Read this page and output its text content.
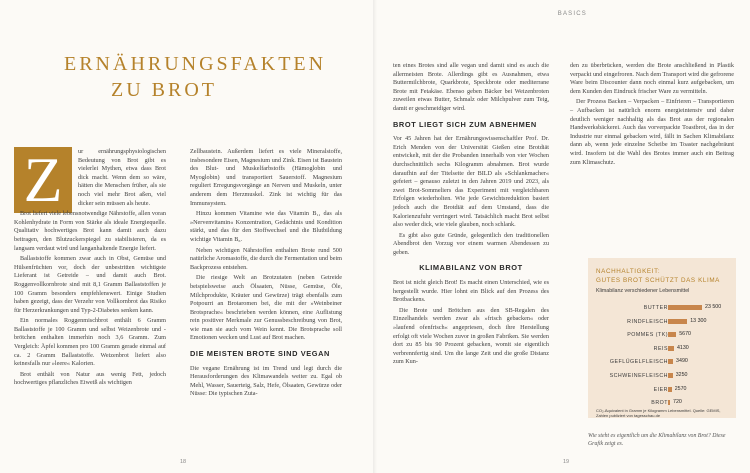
BASICS
ERNÄHRUNGSFAKTEN
ZU BROT
Z	ur ernährungsphysiologischen Bedeutung von Brot gibt es vielerlei Mythen, etwa dass Brot dick macht. Wenn dem so wäre, hätten die Menschen früher, als sie noch viel mehr Brot aßen, viel dicker sein müssen als heute.

Brot liefert viele lebensnotwendige Nährstoffe, allen voran Kohlenhydrate in Form von Stärke als ideale Energiequelle. Qualitativ hochwertiges Brot kann damit auch dazu beitragen, den Blutzuckerspiegel zu stabilisieren, da es langsam verdaut wird und langanhaltende Energie liefert.

Ballaststoffe kommen zwar auch in Obst, Gemüse und Hülsenfrüchten vor, doch der unbestritten wichtigste Lieferant ist Getreide – und damit auch Brot. Roggenvollkornbrote sind mit 8,1 Gramm Ballaststoffen je 100 Gramm besonders empfehlenswert. Einige Studien haben gezeigt, dass der Verzehr von Vollkornbrot das Risiko für Herzerkrankungen und Typ-2-Diabetes senken kann.

Ein normales Roggenmischbrot enthält 6 Gramm Ballaststoffe je 100 Gramm und selbst Weizenbrote und -brötchen enthalten immerhin noch 3,6 Gramm. Zum Vergleich: Äpfel kommen pro 100 Gramm gerade einmal auf ca. 2 Gramm Ballaststoffe. Weizenbrot liefert also keinesfalls nur »leere« Kalorien.

Brot enthält von Natur aus wenig Fett, jedoch hochwertiges pflanzliches Eiweiß als wichtigen

Zellbaustein. Außerdem liefert es viele Mineralstoffe, insbesondere Eisen, Magnesium und Zink. Eisen ist Baustein des Blut- und Muskelfarbstoffs (Hämoglobin und Myoglobin) und transportiert Sauerstoff. Magnesium reguliert Erregungsvorgänge an Nerven und Muskeln, unter anderem dem Herzmuskel. Zink ist wichtig für das Immunsystem.

Hinzu kommen Vitamine wie das Vitamin B₁, das als »Nervenvitamin« Konzentration, Gedächtnis und Kondition stärkt, und das für den Stoffwechsel und die Blutbildung wichtige Vitamin B₆.

Neben wichtigen Nährstoffen enthalten Brote rund 500 natürliche Aromastoffe, die durch die Fermentation und beim Backprozess entstehen.

Die riesige Welt an Brotzutaten (neben Getreide beispielsweise auch Ölsaaten, Nüsse, Gemüse, Öle, Milchprodukte, Kräuter und Gewürze) trägt ebenfalls zum Potpourri an Brotaromen bei, die mit der »Weinbeiner Brotsprache« beschrieben werden können, eine Auflistung rein positiver Merkmale zur Genussbeschreibung von Brot, wie man sie auch vom Wein kennt. Die Brotsprache soll Emotionen wecken und Lust auf Brot machen.

DIE MEISTEN BROTE SIND VEGAN

Die vegane Ernährung ist im Trend und legt durch die Herausforderungen des Klimawandels weiter zu. Egal ob Mehl, Wasser, Sauerteig, Salz, Hefe, Ölsaaten, Gewürze oder Nüsse: Die typischen Zuta-

ten eines Brotes sind alle vegan und damit sind es auch die allermeisten Brote. Allerdings gibt es Ausnahmen, etwa Buttermilchbrote, Quarkbrote, Speckbrote oder mediterrane Brote mit Fetakäse. Ebenso geben Bäcker bei Weizenbroten zuweilen etwas Butter, Schmalz oder Milchpulver zum Teig, damit er geschmeidiger wird.

BROT LIEGT SICH ZUM ABNEHMEN

Vor 45 Jahren hat der Ernährungswissenschaftler Prof. Dr. Erich Menden von der Universität Gießen eine Brotdiät entwickelt, mit der die Probanden innerhalb von vier Wochen durchschnittlich sechs Kilogramm abnahmen. Brot wurde daraufhin auf der Titelseite der BILD als »Schlankmacher« gefeiert – genauso zuletzt in den Jahren 2019 und 2023, als zwei Brot-Sommeliers das Experiment mit vergleichbaren Erfolgen wiederholten. Wie jede Gewichtsreduktion basiert jedoch auch die Brotdiät auf dem Umstand, dass die Kalorienzufuhr verringert wird. Tatsächlich macht Brot selbst also weder dick, wie viele glauben, noch schlank.

Es gibt also gute Gründe, gelegentlich den traditionellen Abendbrot den Vorzug vor einem warmen Abendessen zu geben.

KLIMABILANZ VON BROT

Brot ist nicht gleich Brot! Es macht einen Unterschied, wie es hergestellt wurde. Hier lohnt ein Blick auf den Prozess des Brotbackens.

Die Brote und Brötchen aus den SB-Regalen des Einzelhandels werden zwar als »frisch gebacken« oder »laufend ofenfrisch« angepriesen, doch ihre Herstellung erfolgt oft viele Wochen zuvor in großen Fabriken. Sie werden dort zu 85 bis 90 Prozent gebacken, womit sie eigentlich verbrennfertig sind. Um die lange Zeit und die große Distanz zum Kun-

den zu überbrücken, werden die Brote anschließend in Plastik verpackt und eingefroren. Nach dem Transport wird die gefrorene Ware beim Discounter dann noch einmal kurz aufgebacken, um dem Kunden den Eindruck frischer Ware zu vermitteln.

Der Prozess Backen – Verpacken – Einfrieren – Transportieren – Aufbacken ist natürlich enorm energieintensiv und daher deutlich weniger nachhaltig als das Brot aus der regionalen Handwerksbäckerei. Auch das vorverpackte Toastbrot, das in der Industrie nur einmal gebacken wird, fällt in Sachen Klimabilanz dann ab, wenn jede einzelne Scheibe im Toaster nachgebräunt wird. Insofern ist die Wahl des Brotes immer auch ein Beitrag zum Klimaschutz.

NACHHALTIGKEIT:
GUTES BROT SCHÜTZT DAS KLIMA
Klimabilanz verschiedener Lebensmittel
BUTTER	23 500
RINDFLEISCH	13 300
POMMES (TK) 5670
REIS 4130
GEFLÜGELFLEISCH 3490
SCHWEINEFLEISCH 3250
EIER 2570
BROT 720
CO₂-Äquivalent in Gramm je Kilogramm Lebensmittel. Quelle: GEMIS, Zahlen publiziert von tagesschau.de
Wie steht es eigentlich um die Klimabilanz von Brot? Diese Grafik zeigt es.
18	19
